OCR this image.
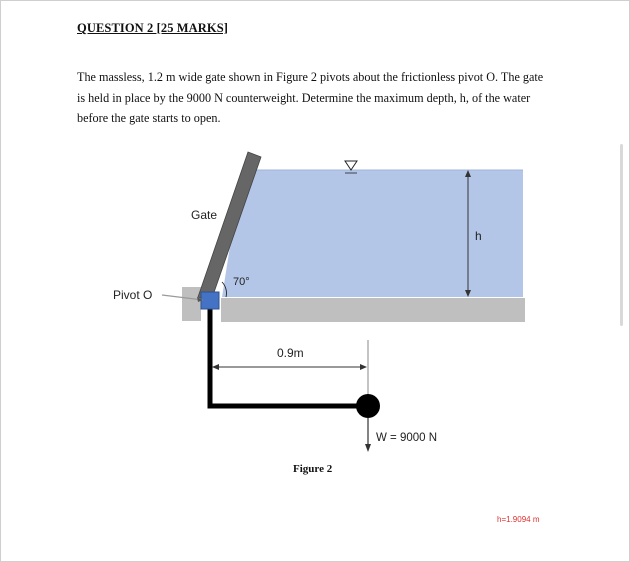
QUESTION 2 [25 MARKS]
The massless, 1.2 m wide gate shown in Figure 2 pivots about the frictionless pivot O. The gate
is held in place by the 9000 N counterweight. Determine the maximum depth, h, of the water
before the gate starts to open.
Gate
h
70°
Pivot O
0.9m
W = 9000 N
Figure 2
h=1.9094 m
